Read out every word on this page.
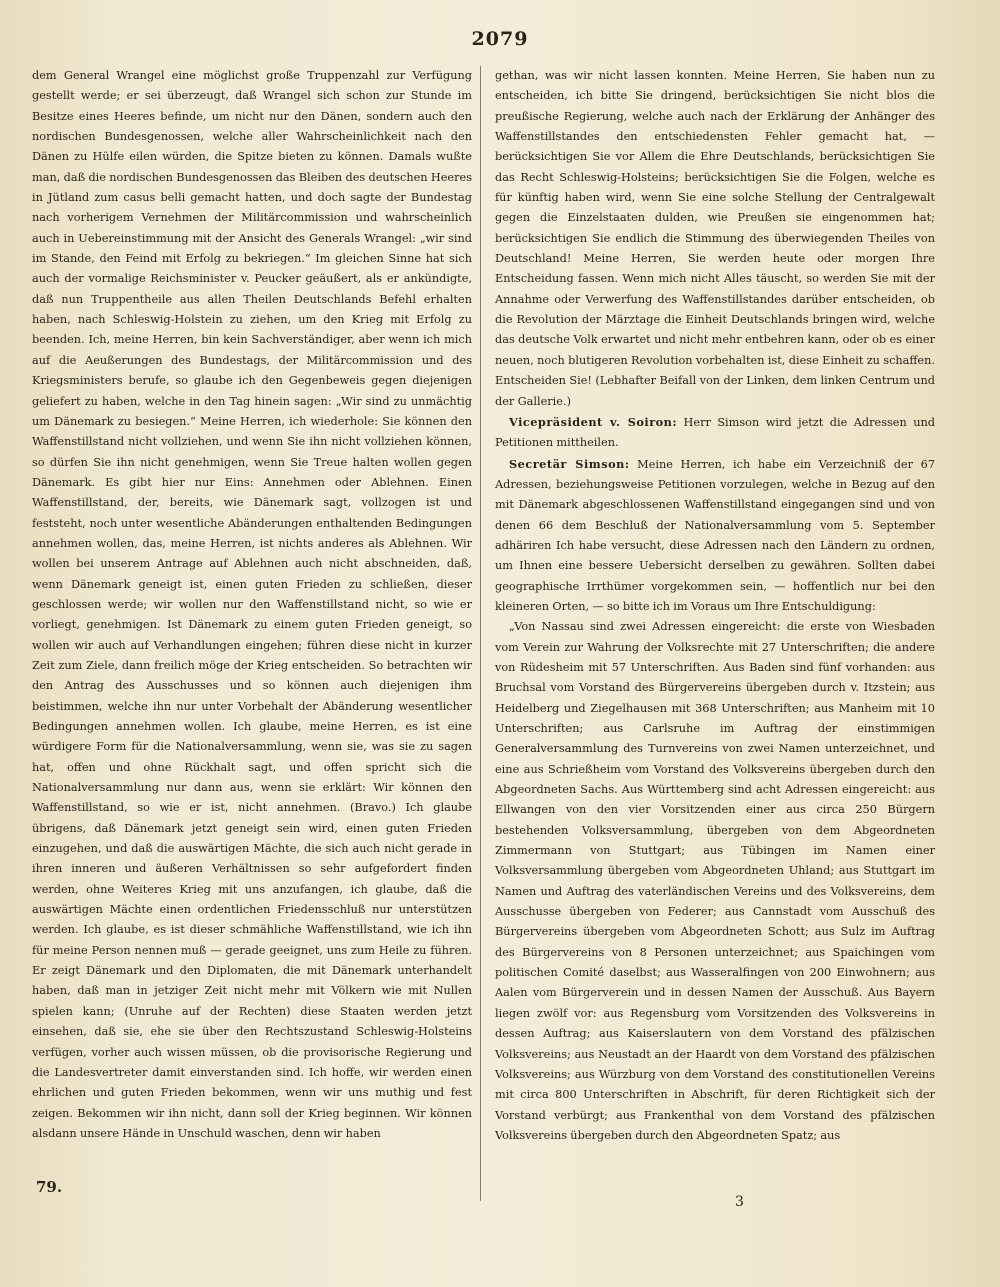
2079

dem General Wrangel eine möglichst große Truppenzahl zur Verfügung gestellt werde; er sei überzeugt, daß Wrangel sich schon zur Stunde im Besitze eines Heeres befinde, um nicht nur den Dänen, sondern auch den nordischen Bundesgenossen, welche aller Wahrscheinlichkeit nach den Dänen zu Hülfe eilen würden, die Spitze bieten zu können. Damals wußte man, daß die nordischen Bundesgenossen das Bleiben des deutschen Heeres in Jütland zum casus belli gemacht hatten, und doch sagte der Bundestag nach vorherigem Vernehmen der Militärcommission und wahrscheinlich auch in Uebereinstimmung mit der Ansicht des Generals Wrangel: „wir sind im Stande, den Feind mit Erfolg zu bekriegen.“ Im gleichen Sinne hat sich auch der vormalige Reichsminister v. Peucker geäußert, als er ankündigte, daß nun Truppentheile aus allen Theilen Deutschlands Befehl erhalten haben, nach Schleswig-Holstein zu ziehen, um den Krieg mit Erfolg zu beenden. Ich, meine Herren, bin kein Sachverständiger, aber wenn ich mich auf die Aeußerungen des Bundestags, der Militärcommission und des Kriegsministers berufe, so glaube ich den Gegenbeweis gegen diejenigen geliefert zu haben, welche in den Tag hinein sagen: „Wir sind zu unmächtig um Dänemark zu besiegen.“ Meine Herren, ich wiederhole: Sie können den Waffenstillstand nicht vollziehen, und wenn Sie ihn nicht vollziehen können, so dürfen Sie ihn nicht genehmigen, wenn Sie Treue halten wollen gegen Dänemark. Es gibt hier nur Eins: Annehmen oder Ablehnen. Einen Waffenstillstand, der, bereits, wie Dänemark sagt, vollzogen ist und feststeht, noch unter wesentliche Abänderungen enthaltenden Bedingungen annehmen wollen, das, meine Herren, ist nichts anderes als Ablehnen. Wir wollen bei unserem Antrage auf Ablehnen auch nicht abschneiden, daß, wenn Dänemark geneigt ist, einen guten Frieden zu schließen, dieser geschlossen werde; wir wollen nur den Waffenstillstand nicht, so wie er vorliegt, genehmigen. Ist Dänemark zu einem guten Frieden geneigt, so wollen wir auch auf Verhandlungen eingehen; führen diese nicht in kurzer Zeit zum Ziele, dann freilich möge der Krieg entscheiden. So betrachten wir den Antrag des Ausschusses und so können auch diejenigen ihm beistimmen, welche ihn nur unter Vorbehalt der Abänderung wesentlicher Bedingungen annehmen wollen. Ich glaube, meine Herren, es ist eine würdigere Form für die Nationalversammlung, wenn sie, was sie zu sagen hat, offen und ohne Rückhalt sagt, und offen spricht sich die Nationalversammlung nur dann aus, wenn sie erklärt: Wir können den Waffenstillstand, so wie er ist, nicht annehmen. (Bravo.) Ich glaube übrigens, daß Dänemark jetzt geneigt sein wird, einen guten Frieden einzugehen, und daß die auswärtigen Mächte, die sich auch nicht gerade in ihren inneren und äußeren Verhältnissen so sehr aufgefordert finden werden, ohne Weiteres Krieg mit uns anzufangen, ich glaube, daß die auswärtigen Mächte einen ordentlichen Friedensschluß nur unterstützen werden. Ich glaube, es ist dieser schmähliche Waffenstillstand, wie ich ihn für meine Person nennen muß — gerade geeignet, uns zum Heile zu führen. Er zeigt Dänemark und den Diplomaten, die mit Dänemark unterhandelt haben, daß man in jetziger Zeit nicht mehr mit Völkern wie mit Nullen spielen kann; (Unruhe auf der Rechten) diese Staaten werden jetzt einsehen, daß sie, ehe sie über den Rechtszustand Schleswig-Holsteins verfügen, vorher auch wissen müssen, ob die provisorische Regierung und die Landesvertreter damit einverstanden sind. Ich hoffe, wir werden einen ehrlichen und guten Frieden bekommen, wenn wir uns muthig und fest zeigen. Bekommen wir ihn nicht, dann soll der Krieg beginnen. Wir können alsdann unsere Hände in Unschuld waschen, denn wir haben

gethan, was wir nicht lassen konnten. Meine Herren, Sie haben nun zu entscheiden, ich bitte Sie dringend, berücksichtigen Sie nicht blos die preußische Regierung, welche auch nach der Erklärung der Anhänger des Waffenstillstandes den entschiedensten Fehler gemacht hat, — berücksichtigen Sie vor Allem die Ehre Deutschlands, berücksichtigen Sie das Recht Schleswig-Holsteins; berücksichtigen Sie die Folgen, welche es für künftig haben wird, wenn Sie eine solche Stellung der Centralgewalt gegen die Einzelstaaten dulden, wie Preußen sie eingenommen hat; berücksichtigen Sie endlich die Stimmung des überwiegenden Theiles von Deutschland! Meine Herren, Sie werden heute oder morgen Ihre Entscheidung fassen. Wenn mich nicht Alles täuscht, so werden Sie mit der Annahme oder Verwerfung des Waffenstillstandes darüber entscheiden, ob die Revolution der Märztage die Einheit Deutschlands bringen wird, welche das deutsche Volk erwartet und nicht mehr entbehren kann, oder ob es einer neuen, noch blutigeren Revolution vorbehalten ist, diese Einheit zu schaffen. Entscheiden Sie! (Lebhafter Beifall von der Linken, dem linken Centrum und der Gallerie.)

Vicepräsident v. Soiron: Herr Simson wird jetzt die Adressen und Petitionen mittheilen.

Secretär Simson: Meine Herren, ich habe ein Verzeichniß der 67 Adressen, beziehungsweise Petitionen vorzulegen, welche in Bezug auf den mit Dänemark abgeschlossenen Waffenstillstand eingegangen sind und von denen 66 dem Beschluß der Nationalversammlung vom 5. September adhäriren Ich habe versucht, diese Adressen nach den Ländern zu ordnen, um Ihnen eine bessere Uebersicht derselben zu gewähren. Sollten dabei geographische Irrthümer vorgekommen sein, — hoffentlich nur bei den kleineren Orten, — so bitte ich im Voraus um Ihre Entschuldigung:

„Von Nassau sind zwei Adressen eingereicht: die erste von Wiesbaden vom Verein zur Wahrung der Volksrechte mit 27 Unterschriften; die andere von Rüdesheim mit 57 Unterschriften. Aus Baden sind fünf vorhanden: aus Bruchsal vom Vorstand des Bürgervereins übergeben durch v. Itzstein; aus Heidelberg und Ziegelhausen mit 368 Unterschriften; aus Manheim mit 10 Unterschriften; aus Carlsruhe im Auftrag der einstimmigen Generalversammlung des Turnvereins von zwei Namen unterzeichnet, und eine aus Schrießheim vom Vorstand des Volksvereins übergeben durch den Abgeordneten Sachs. Aus Württemberg sind acht Adressen eingereicht: aus Ellwangen von den vier Vorsitzenden einer aus circa 250 Bürgern bestehenden Volksversammlung, übergeben von dem Abgeordneten Zimmermann von Stuttgart; aus Tübingen im Namen einer Volksversammlung übergeben vom Abgeordneten Uhland; aus Stuttgart im Namen und Auftrag des vaterländischen Vereins und des Volksvereins, dem Ausschusse übergeben von Federer; aus Cannstadt vom Ausschuß des Bürgervereins übergeben vom Abgeordneten Schott; aus Sulz im Auftrag des Bürgervereins von 8 Personen unterzeichnet; aus Spaichingen vom politischen Comité daselbst; aus Wasseralfingen von 200 Einwohnern; aus Aalen vom Bürgerverein und in dessen Namen der Ausschuß. Aus Bayern liegen zwölf vor: aus Regensburg vom Vorsitzenden des Volksvereins in dessen Auftrag; aus Kaiserslautern von dem Vorstand des pfälzischen Volksvereins; aus Neustadt an der Haardt von dem Vorstand des pfälzischen Volksvereins; aus Würzburg von dem Vorstand des constitutionellen Vereins mit circa 800 Unterschriften in Abschrift, für deren Richtigkeit sich der Vorstand verbürgt; aus Frankenthal von dem Vorstand des pfälzischen Volksvereins übergeben durch den Abgeordneten Spatz; aus

79.
3
